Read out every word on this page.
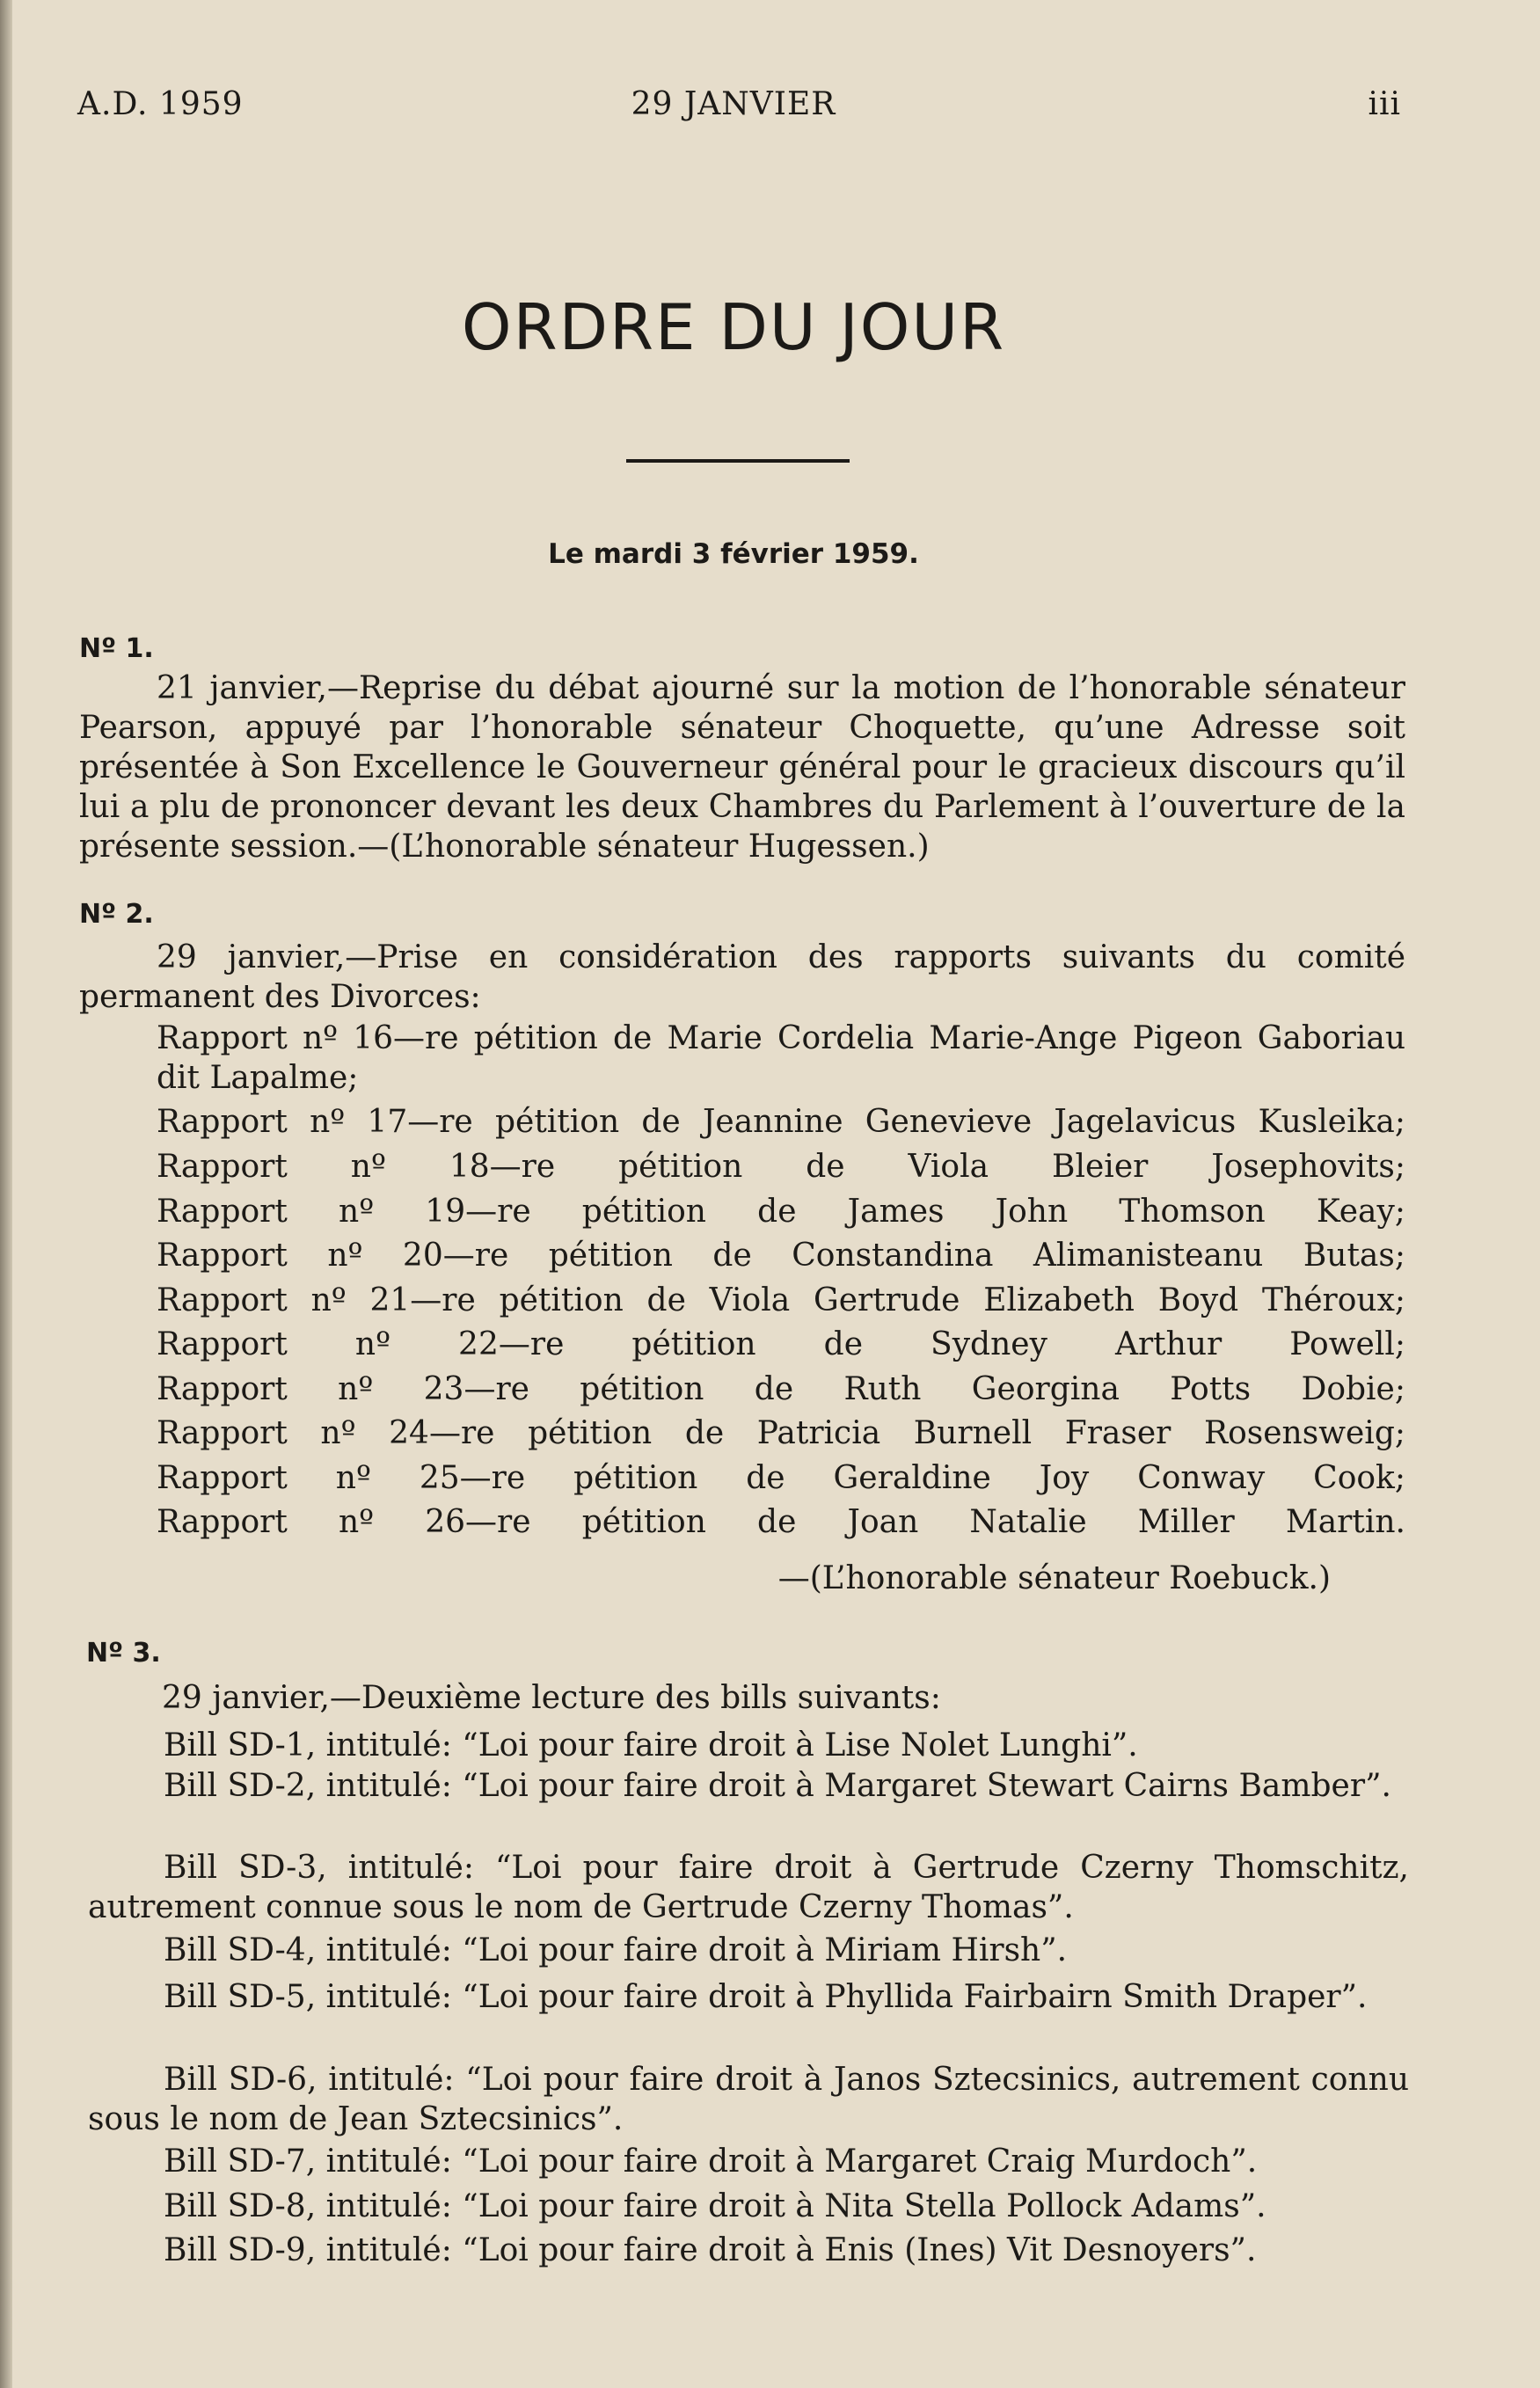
A.D. 1959	29 JANVIER	iii
ORDRE DU JOUR
Le mardi 3 février 1959.
Nº 1.
21 janvier,—Reprise du débat ajourné sur la motion de l’honorable sénateur Pearson, appuyé par l’honorable sénateur Choquette, qu’une Adresse soit présentée à Son Excellence le Gouverneur général pour le gracieux discours qu’il lui a plu de prononcer devant les deux Chambres du Parlement à l’ouverture de la présente session.—(L’honorable sénateur Hugessen.)
Nº 2.
29 janvier,—Prise en considération des rapports suivants du comité permanent des Divorces:
Rapport nº 16—re pétition de Marie Cordelia Marie-Ange Pigeon Gaboriau dit Lapalme;
Rapport nº 17—re pétition de Jeannine Genevieve Jagelavicus Kusleika;
Rapport nº 18—re pétition de Viola Bleier Josephovits;
Rapport nº 19—re pétition de James John Thomson Keay;
Rapport nº 20—re pétition de Constandina Alimanisteanu Butas;
Rapport nº 21—re pétition de Viola Gertrude Elizabeth Boyd Théroux;
Rapport nº 22—re pétition de Sydney Arthur Powell;
Rapport nº 23—re pétition de Ruth Georgina Potts Dobie;
Rapport nº 24—re pétition de Patricia Burnell Fraser Rosensweig;
Rapport nº 25—re pétition de Geraldine Joy Conway Cook;
Rapport nº 26—re pétition de Joan Natalie Miller Martin.
—(L’honorable sénateur Roebuck.)
Nº 3.
29 janvier,—Deuxième lecture des bills suivants:
Bill SD-1, intitulé: “Loi pour faire droit à Lise Nolet Lunghi”.
Bill SD-2, intitulé: “Loi pour faire droit à Margaret Stewart Cairns Bamber”.
Bill SD-3, intitulé: “Loi pour faire droit à Gertrude Czerny Thomschitz, autrement connue sous le nom de Gertrude Czerny Thomas”.
Bill SD-4, intitulé: “Loi pour faire droit à Miriam Hirsh”.
Bill SD-5, intitulé: “Loi pour faire droit à Phyllida Fairbairn Smith Draper”.
Bill SD-6, intitulé: “Loi pour faire droit à Janos Sztecsinics, autrement connu sous le nom de Jean Sztecsinics”.
Bill SD-7, intitulé: “Loi pour faire droit à Margaret Craig Murdoch”.
Bill SD-8, intitulé: “Loi pour faire droit à Nita Stella Pollock Adams”.
Bill SD-9, intitulé: “Loi pour faire droit à Enis (Ines) Vit Desnoyers”.
